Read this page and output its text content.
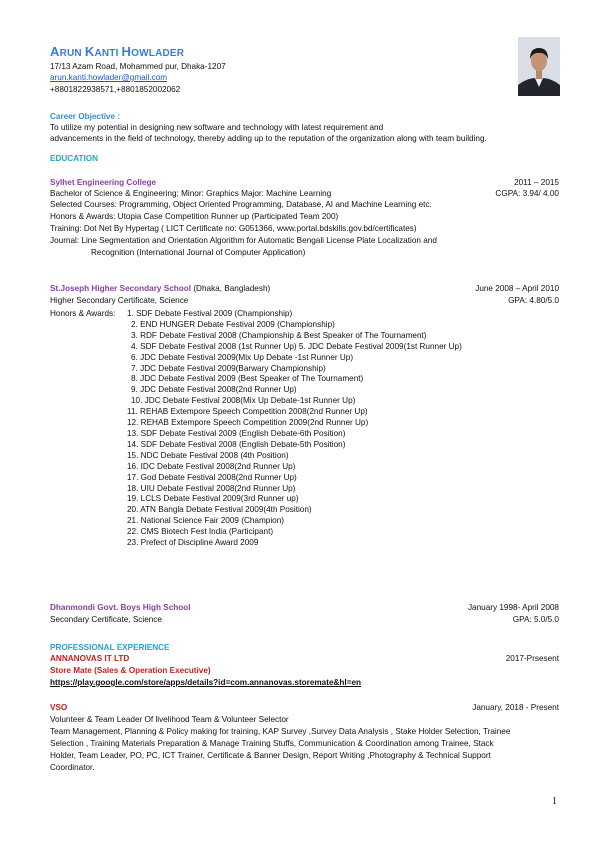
ARUN KANTI HOWLADER
17/13 Azam Road, Mohammed pur, Dhaka-1207
arun.kanti.howlader@gmail.com
+8801822938571,+8801852002062
Career Objective :
To utilize my potential in designing new software and technology with latest requirement and
advancements in the field of technology, thereby adding up to the reputation of the organization along with team building.
EDUCATION
Sylhet Engineering College	2011 – 2015
Bachelor of Science & Engineering; Minor: Graphics Major: Machine Learning	CGPA: 3.94/ 4.00
Selected Courses: Programming, Object Oriented Programming, Database, AI and Machine Learning etc.
Honors & Awards: Utopia Case Competition Runner up (Participated Team 200)
Training: Dot Net By Hypertag ( LICT Certificate no: G051366, www.portal.bdskills.gov.bd/certificates)
Journal: Line Segmentation and Orientation Algorithm for Automatic Bengali License Plate Localization and
Recognition (International Journal of Computer Application)
St.Joseph Higher Secondary School (Dhaka, Bangladesh)	June 2008 – April 2010
Higher Secondary Certificate, Science	GPA: 4.80/5.0
Honors & Awards: 1. SDF Debate Festival 2009 (Championship)
2. END HUNGER Debate Festival 2009 (Championship)
3. RDF Debate Festival 2008 (Championship & Best Speaker of The Tournament)
4. SDF Debate Festival 2008 (1st Runner Up) 5. JDC Debate Festival 2009(1st Runner Up)
6. JDC Debate Festival 2009(Mix Up Debate -1st Runner Up)
7. JDC Debate Festival 2009(Barwary Championship)
8. JDC Debate Festival 2009 (Best Speaker of The Tournament)
9. JDC Debate Festival 2008(2nd Runner Up)
10. JDC Debate Festival 2008(Mix Up Debate-1st Runner Up)
11. REHAB Extempore Speech Competition 2008(2nd Runner Up)
12. REHAB Extempore Speech Competition 2009(2nd Runner Up)
13. SDF Debate Festival 2009 (English Debate-6th Position)
14. SDF Debate Festival 2008 (English Debate-5th Position)
15. NDC Debate Festival 2008 (4th Position)
16. IDC Debate Festival 2008(2nd Runner Up)
17. God Debate Festival 2008(2nd Runner Up)
18. UIU Debate Festival 2008(2nd Runner Up)
19. LCLS Debate Festival 2009(3rd Runner up)
20. ATN Bangla Debate Festival 2009(4th Position)
21. National Science Fair 2009 (Champion)
22. CMS Biotech Fest India (Participant)
23. Prefect of Discipline Award 2009
Dhanmondi Govt. Boys High School	January 1998- April 2008
Secondary Certificate, Science	GPA: 5.0/5.0
PROFESSIONAL EXPERIENCE
ANNANOVAS IT LTD	2017-Prsesent
Store Mate (Sales & Operation Executive)
https://play.google.com/store/apps/details?id=com.annanovas.storemate&hl=en
VSO	January, 2018 - Present
Volunteer & Team Leader Of livelihood Team & Volunteer Selector
Team Management, Planning & Policy making for training, KAP Survey ,Survey Data Analysis , Stake Holder Selection, Trainee
Selection , Training Materials Preparation & Manage Training Stuffs, Communication & Coordination among Trainee, Stack
Holder, Team Leader, PO, PC, ICT Trainer, Certificate & Banner Design, Report Writing ,Photography & Technical Support
Coordinator.
1
